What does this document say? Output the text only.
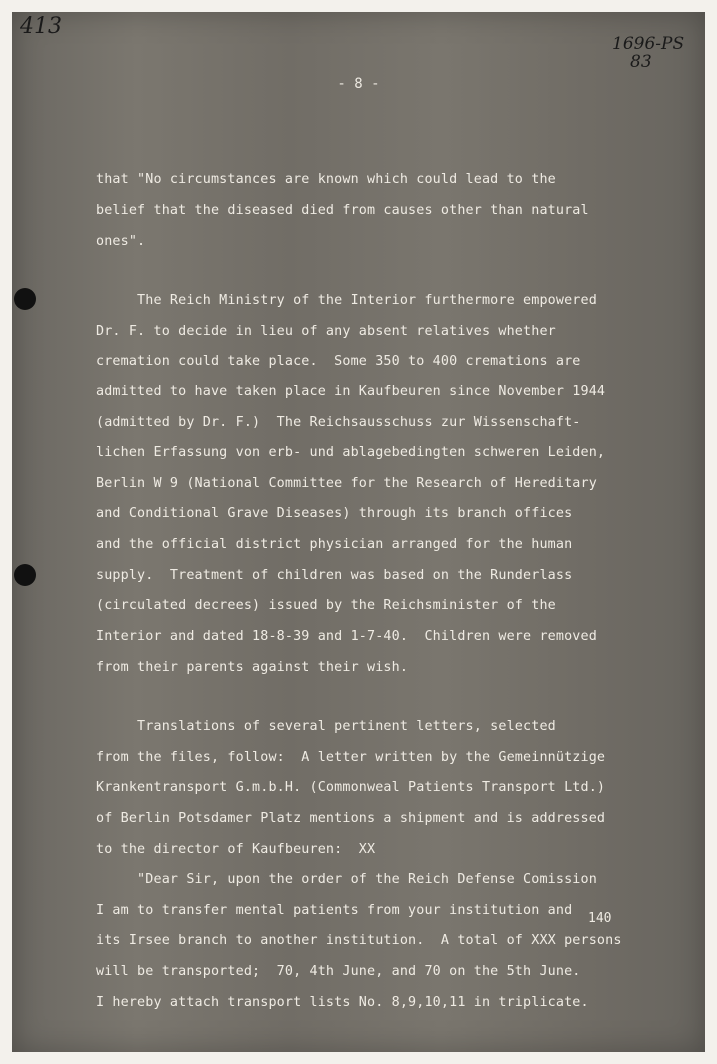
413
1696-PS
83
- 8 -
that "No circumstances are known which could lead to the
belief that the diseased died from causes other than natural
ones".
The Reich Ministry of the Interior furthermore empowered
Dr. F. to decide in lieu of any absent relatives whether
cremation could take place.  Some 350 to 400 cremations are
admitted to have taken place in Kaufbeuren since November 1944
(admitted by Dr. F.)  The Reichsausschuss zur Wissenschaft-
lichen Erfassung von erb- und ablagebedingten schweren Leiden,
Berlin W 9 (National Committee for the Research of Hereditary
and Conditional Grave Diseases) through its branch offices
and the official district physician arranged for the human
supply.  Treatment of children was based on the Runderlass
(circulated decrees) issued by the Reichsminister of the
Interior and dated 18-8-39 and 1-7-40.  Children were removed
from their parents against their wish.
Translations of several pertinent letters, selected
from the files, follow:  A letter written by the Gemeinnützige
Krankentransport G.m.b.H. (Commonweal Patients Transport Ltd.)
of Berlin Potsdamer Platz mentions a shipment and is addressed
to the director of Kaufbeuren:  XX
"Dear Sir, upon the order of the Reich Defense Comission
I am to transfer mental patients from your institution and
140
its Irsee branch to another institution.  A total of XXX persons
will be transported;  70, 4th June, and 70 on the 5th June.
I hereby attach transport lists No. 8,9,10,11 in triplicate.
